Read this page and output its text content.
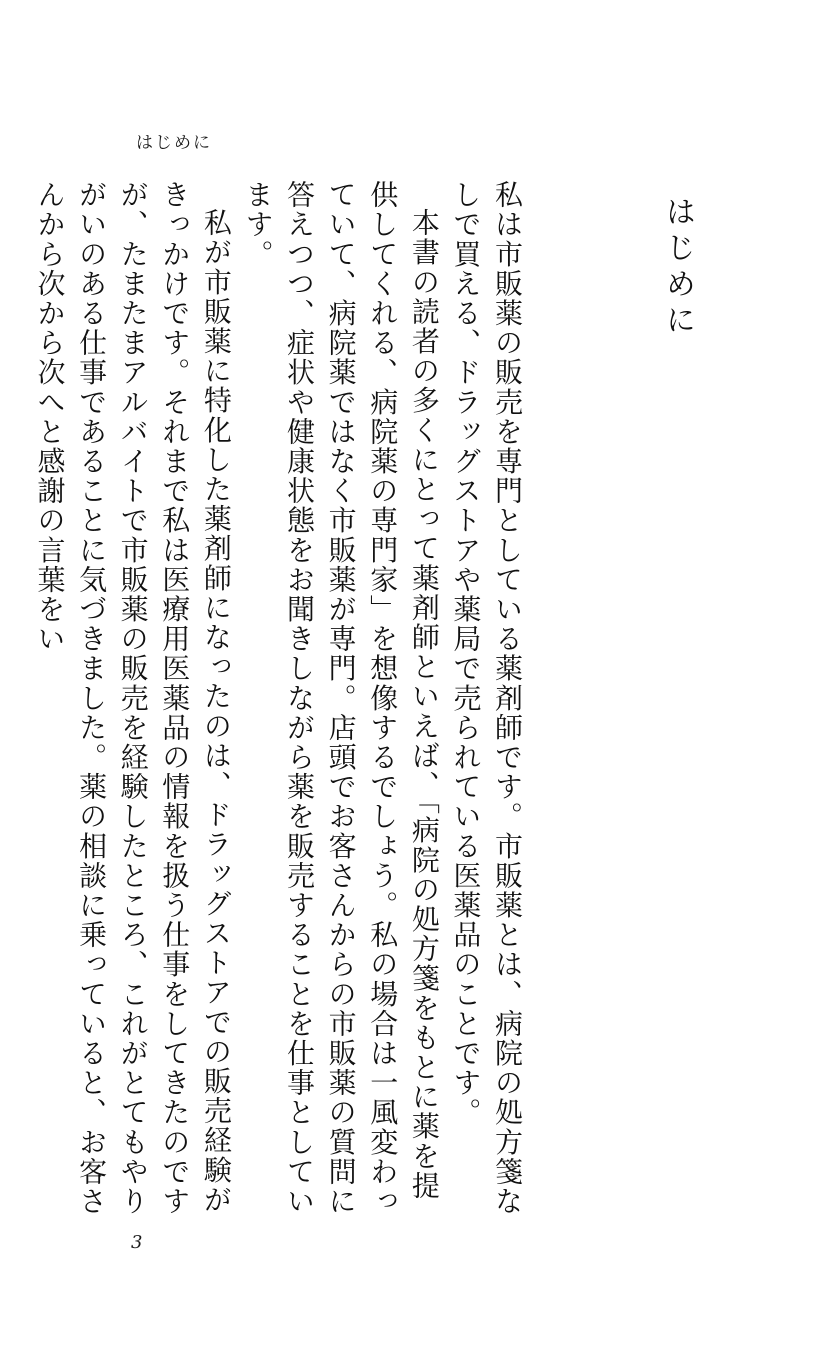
はじめに
はじめに

私は市販薬の販売を専門としている薬剤師です。市販薬とは、病院の処方箋なしで買える、ドラッグストアや薬局で売られている医薬品のことです。

本書の読者の多くにとって薬剤師といえば、「病院の処方箋をもとに薬を提供してくれる、病院薬の専門家」を想像するでしょう。私の場合は一風変わっていて、病院薬ではなく市販薬が専門。店頭でお客さんからの市販薬の質問に答えつつ、症状や健康状態をお聞きしながら薬を販売することを仕事としています。

私が市販薬に特化した薬剤師になったのは、ドラッグストアでの販売経験がきっかけです。それまで私は医療用医薬品の情報を扱う仕事をしてきたのですが、たまたまアルバイトで市販薬の販売を経験したところ、これがとてもやりがいのある仕事であることに気づきました。薬の相談に乗っていると、お客さんから次から次へと感謝の言葉をい

3
